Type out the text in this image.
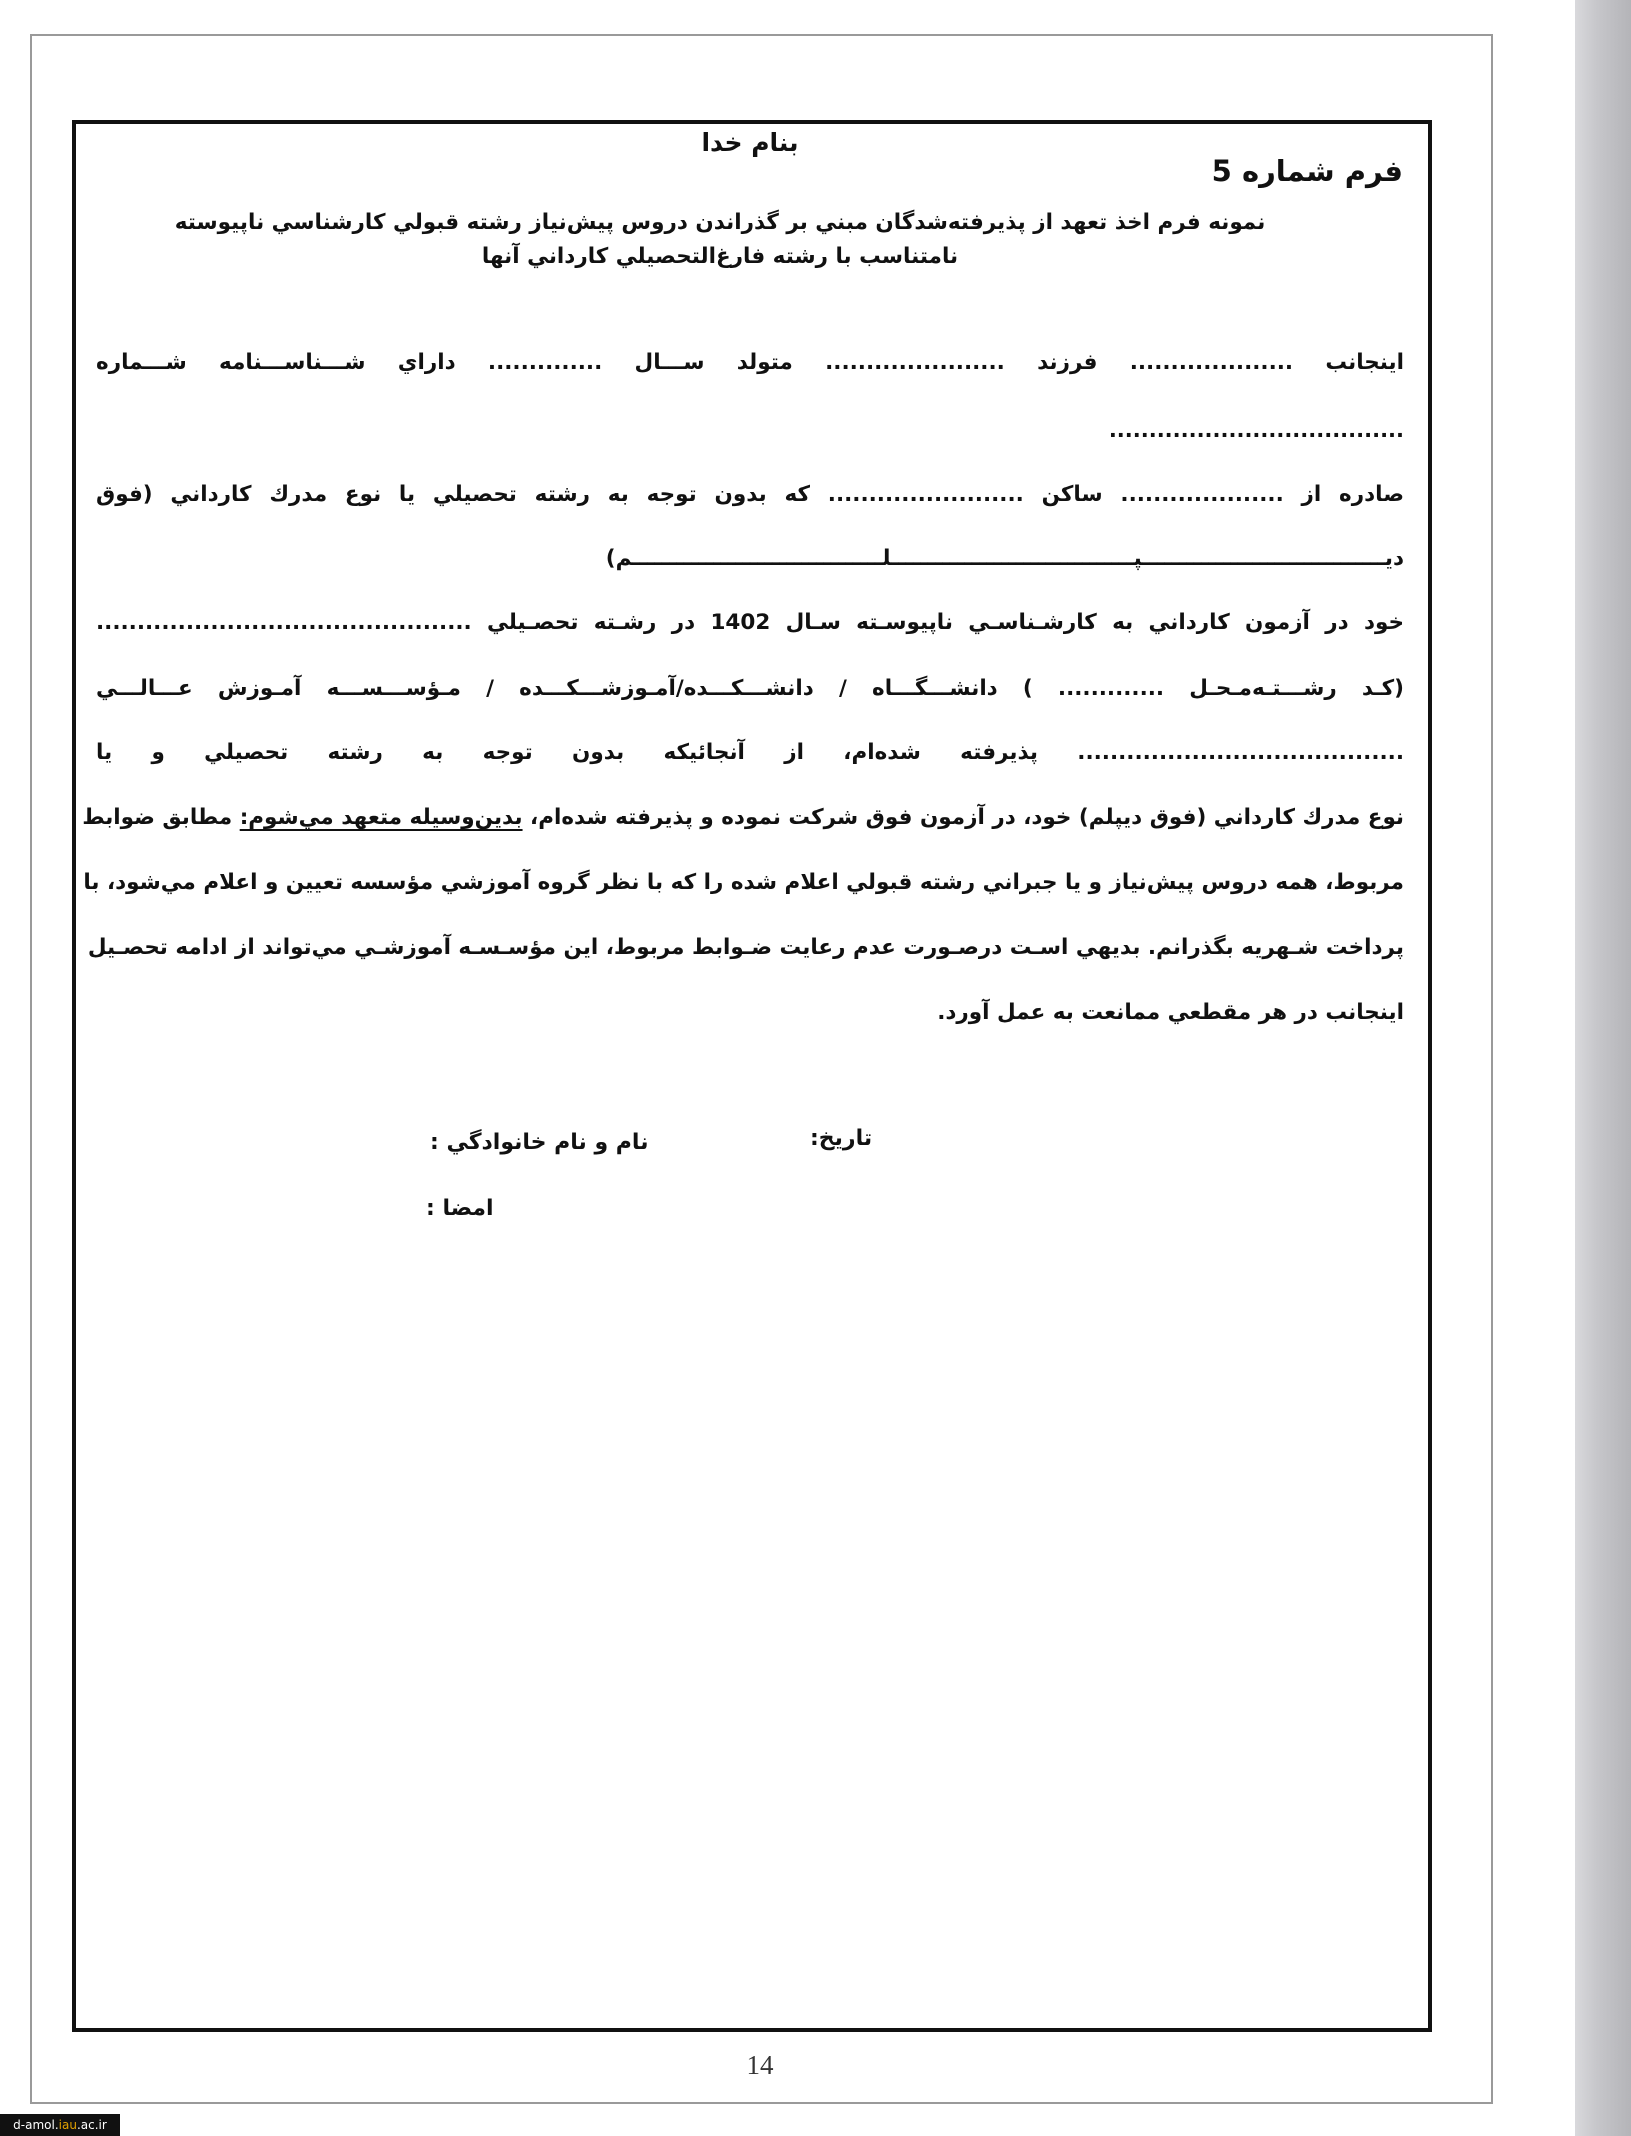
بنام خدا
فرم شماره 5
نمونه فرم اخذ تعهد از پذيرفته‌شدگان مبني بر گذراندن دروس پيش‌نياز رشته قبولي كارشناسي ناپيوسته
نامتناسب با رشته فارغ‌التحصيلي كارداني آنها
اينجانب .................... فرزند ...................... متولد ســـال .............. داراي شـــناســـنامه شـــماره
.....................................
صادره از .................... ساكن ........................ كه بدون توجه به رشته تحصيلي يا نوع مدرك كارداني (فوق
ديـــــــــــــــــــــــــــــــــپـــــــــــــــــــــــــــــــــلــــــــــــــــــــــــــــــــــم)
خود در آزمون كارداني به كارشـناسـي ناپيوسـته سـال 1402 در رشـته تحصـيلي ..............................................
(كـد رشـــتـه‌مـحـل ............. ) دانشـــگـــاه / دانشـــكـــده/آمـوزشـــكـــده / مـؤســـســـه آمـوزش عـــالـــي
........................................ پذيرفته شده‌ام، از آنجائيكه بدون توجه به رشته تحصيلي و يا
نوع مدرك كارداني (فوق ديپلم) خود، در آزمون فوق شركت نموده و پذيرفته شده‌ام، بدين‌وسيله متعهد مي‌شوم: مطابق ضوابط
مربوط، همه دروس پيش‌نياز و يا جبراني رشته قبولي اعلام شده را كه با نظر گروه آموزشي مؤسسه تعيين و اعلام مي‌شود، با
پرداخت شـهريه بگذرانم. بديهي اسـت درصـورت عدم رعايت ضـوابط مربوط، اين مؤسـسـه آموزشـي مي‌تواند از ادامه تحصـيل
اينجانب در هر مقطعي ممانعت به عمل آورد.
تاريخ:
نام و نام خانوادگي :
امضا :
14
d-amol.iau.ac.ir
